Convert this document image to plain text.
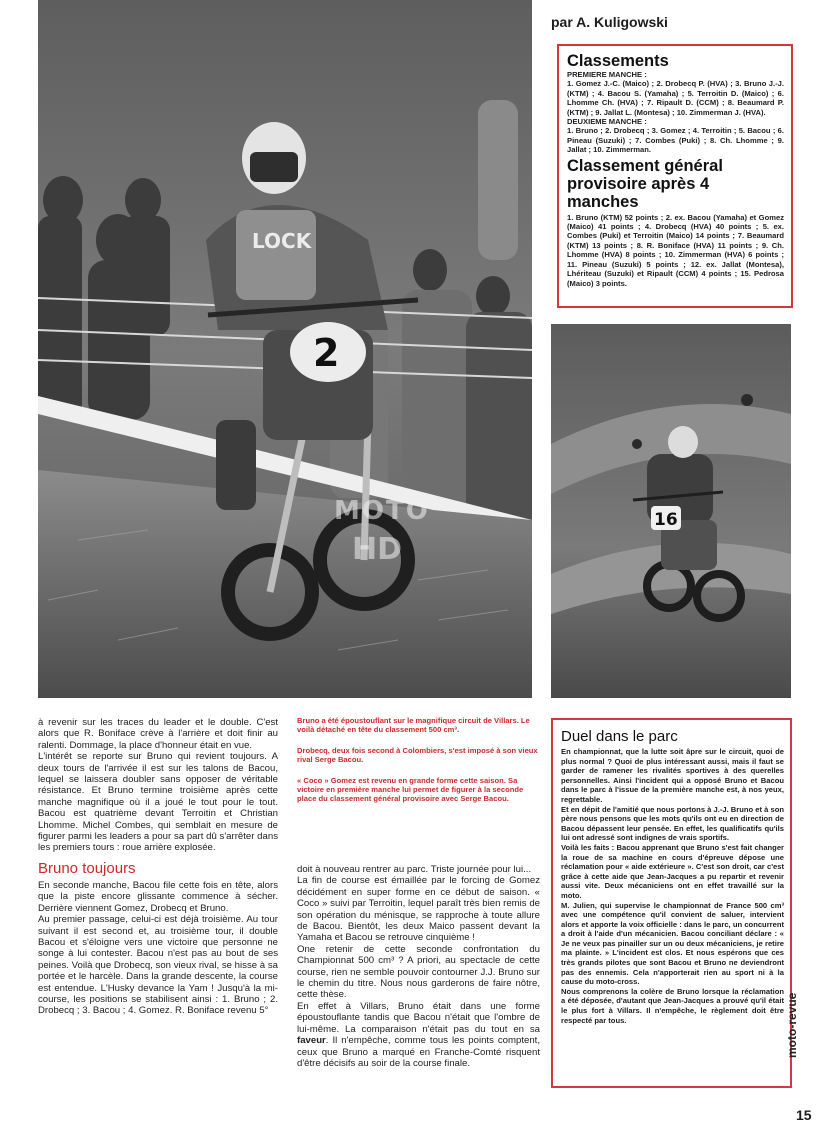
LOCK
2
MOTO
HD
16
par A. Kuligowski
Classements

PREMIERE MANCHE :
1. Gomez J.-C. (Maico) ; 2. Drobecq P. (HVA) ; 3. Bruno J.-J. (KTM) ; 4. Bacou S. (Yamaha) ; 5. Terroitin D. (Maico) ; 6. Lhomme Ch. (HVA) ; 7. Ripault D. (CCM) ; 8. Beaumard P. (KTM) ; 9. Jallat L. (Montesa) ; 10. Zimmerman J. (HVA).

DEUXIEME MANCHE :
1. Bruno ; 2. Drobecq ; 3. Gomez ; 4. Terroitin ; 5. Bacou ; 6. Pineau (Suzuki) ; 7. Combes (Puki) ; 8. Ch. Lhomme ; 9. Jallat ; 10. Zimmerman.

Classement général provisoire après 4 manches

1. Bruno (KTM) 52 points ; 2. ex. Bacou (Yamaha) et Gomez (Maico) 41 points ; 4. Drobecq (HVA) 40 points ; 5. ex. Combes (Puki) et Terroitin (Maico) 14 points ; 7. Beaumard (KTM) 13 points ; 8. R. Boniface (HVA) 11 points ; 9. Ch. Lhomme (HVA) 8 points ; 10. Zimmerman (HVA) 6 points ; 11. Pineau (Suzuki) 5 points ; 12. ex. Jallat (Montesa), Lhériteau (Suzuki) et Ripault (CCM) 4 points ; 15. Pedrosa (Maico) 3 points.

à revenir sur les traces du leader et le double. C'est alors que R. Boniface crève à l'arrière et doit finir au ralenti. Dommage, la place d'honneur était en vue.

L'intérêt se reporte sur Bruno qui revient toujours. A deux tours de l'arrivée il est sur les talons de Bacou, lequel se laissera doubler sans opposer de véritable résistance. Et Bruno termine troisième après cette manche magnifique où il a joué le tout pour le tout. Bacou est quatrième devant Terroitin et Christian Lhomme. Michel Combes, qui semblait en mesure de figurer parmi les leaders a pour sa part dû s'arrêter dans les premiers tours : roue arrière explosée.

Bruno toujours

En seconde manche, Bacou file cette fois en tête, alors que la piste encore glissante commence à sécher. Derrière viennent Gomez, Drobecq et Bruno.

Au premier passage, celui-ci est déjà troisième. Au tour suivant il est second et, au troisième tour, il double Bacou et s'éloigne vers une victoire que personne ne songe à lui contester. Bacou n'est pas au bout de ses peines. Voilà que Drobecq, son vieux rival, se hisse à sa portée et le harcèle. Dans la grande descente, la course est entendue. L'Husky devance la Yam ! Jusqu'à la mi-course, les positions se stabilisent ainsi : 1. Bruno ; 2. Drobecq ; 3. Bacou ; 4. Gomez. R. Boniface revenu 5°

Bruno a été époustouflant sur le magnifique circuit de Villars. Le voilà détaché en tête du classement 500 cm³.

Drobecq, deux fois second à Colombiers, s'est imposé à son vieux rival Serge Bacou.

« Coco » Gomez est revenu en grande forme cette saison. Sa victoire en première manche lui permet de figurer à la seconde place du classement général provisoire avec Serge Bacou.

doit à nouveau rentrer au parc. Triste journée pour lui...

La fin de course est émaillée par le forcing de Gomez décidément en super forme en ce début de saison. « Coco » suivi par Terroitin, lequel paraît très bien remis de son opération du ménisque, se rapproche à toute allure de Bacou. Bientôt, les deux Maico passent devant la Yamaha et Bacou se retrouve cinquième !

One retenir de cette seconde confrontation du Championnat 500 cm³ ? A priori, au spectacle de cette course, rien ne semble pouvoir contourner J.J. Bruno sur le chemin du titre. Nous nous garderons de faire nôtre, cette thèse.

En effet à Villars, Bruno était dans une forme époustouflante tandis que Bacou n'était que l'ombre de lui-même. La comparaison n'était pas du tout en sa faveur. Il n'empêche, comme tous les points comptent, ceux que Bruno a marqué en Franche-Comté risquent d'être décisifs au soir de la course finale.

Duel dans le parc

En championnat, que la lutte soit âpre sur le circuit, quoi de plus normal ? Quoi de plus intéressant aussi, mais il faut se garder de ramener les rivalités sportives à des querelles personnelles. Ainsi l'incident qui a opposé Bruno et Bacou dans le parc à l'issue de la première manche est, à nos yeux, regrettable.

Et en dépit de l'amitié que nous portons à J.-J. Bruno et à son père nous pensons que les mots qu'ils ont eu en direction de Bacou dépassent leur pensée. En effet, les qualificatifs qu'ils lui ont adressé sont indignes de vrais sportifs.

Voilà les faits : Bacou apprenant que Bruno s'est fait changer la roue de sa machine en cours d'épreuve dépose une réclamation pour « aide extérieure ». C'est son droit, car c'est grâce à cette aide que Jean-Jacques a pu repartir et revenir aussi vite. Deux mécaniciens ont en effet travaillé sur la moto.

M. Julien, qui supervise le championnat de France 500 cm³ avec une compétence qu'il convient de saluer, intervient alors et apporte la voix officielle : dans le parc, un concurrent a droit à l'aide d'un mécanicien. Bacou conciliant déclare : « Je ne veux pas pinailler sur un ou deux mécaniciens, je retire ma plainte. » L'incident est clos. Et nous espérons que ces très grands pilotes que sont Bacou et Bruno ne deviendront pas des ennemis. Cela n'apporterait rien au sport ni à la cause du moto-cross.

Nous comprenons la colère de Bruno lorsque la réclamation a été déposée, d'autant que Jean-Jacques a prouvé qu'il était le plus fort à Villars. Il n'empêche, le règlement doit être respecté par tous.	moto-revue
15
